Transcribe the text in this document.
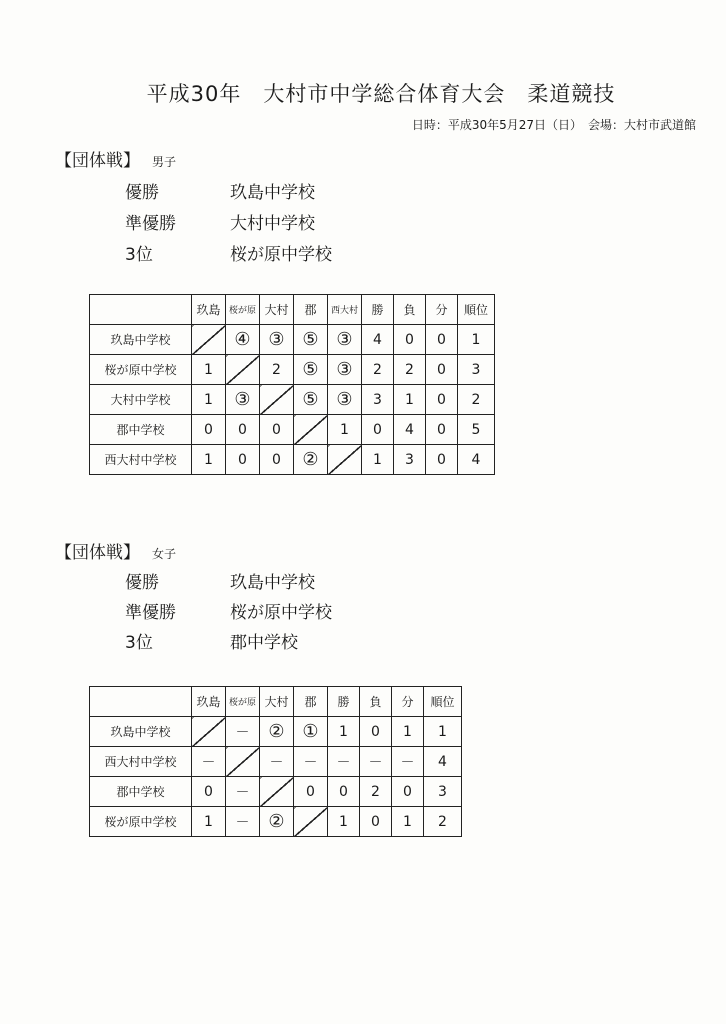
平成30年　大村市中学総合体育大会　柔道競技
日時：平成30年5月27日（日）　会場：大村市武道館
【団体戦】 男子
優勝	玖島中学校
準優勝	大村中学校
3位	桜が原中学校
	玖島	桜が原	大村	郡	西大村	勝	負	分	順位
玖島中学校		④	③	⑤	③	4	0	0	1
桜が原中学校	1		2	⑤	③	2	2	0	3
大村中学校	1	③		⑤	③	3	1	0	2
郡中学校	0	0	0		1	0	4	0	5
西大村中学校	1	0	0	②		1	3	0	4
【団体戦】 女子
優勝	玖島中学校
準優勝	桜が原中学校
3位	郡中学校
	玖島	桜が原	大村	郡	勝	負	分	順位
玖島中学校		－	②	①	1	0	1	1
西大村中学校	－		－	－	－	－	－	4
郡中学校	0	－		0	0	2	0	3
桜が原中学校	1	－	②		1	0	1	2
